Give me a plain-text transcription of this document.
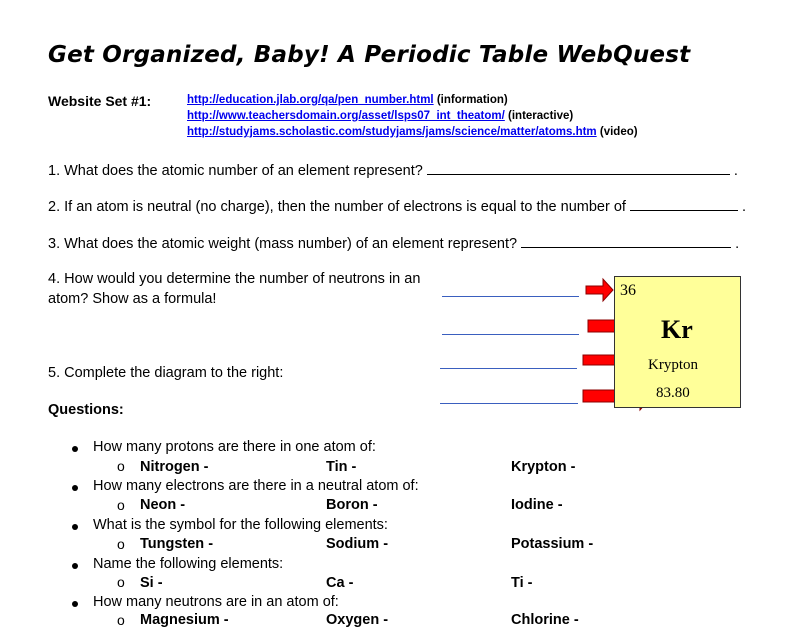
Get Organized, Baby! A Periodic Table WebQuest
Website Set #1:	http://education.jlab.org/qa/pen_number.html (information)
http://www.teachersdomain.org/asset/lsps07_int_theatom/ (interactive)
http://studyjams.scholastic.com/studyjams/jams/science/matter/atoms.htm (video)
1. What does the atomic number of an element represent?	.
2. If an atom is neutral (no charge), then the number of electrons is equal to the number of	.
3. What does the atomic weight (mass number) of an element represent?	.
4. How would you determine the number of neutrons in an
atom? Show as a formula!
5. Complete the diagram to the right:
36
Kr
Krypton
83.80
Questions:
How many protons are there in one atom of:
o Nitrogen -	Tin -	Krypton -
How many electrons are there in a neutral atom of:
o Neon -	Boron -	Iodine -
What is the symbol for the following elements:
o Tungsten -	Sodium -	Potassium -
Name the following elements:
o Si -	Ca -	Ti -
How many neutrons are in an atom of:
o Magnesium -	Oxygen -	Chlorine -
